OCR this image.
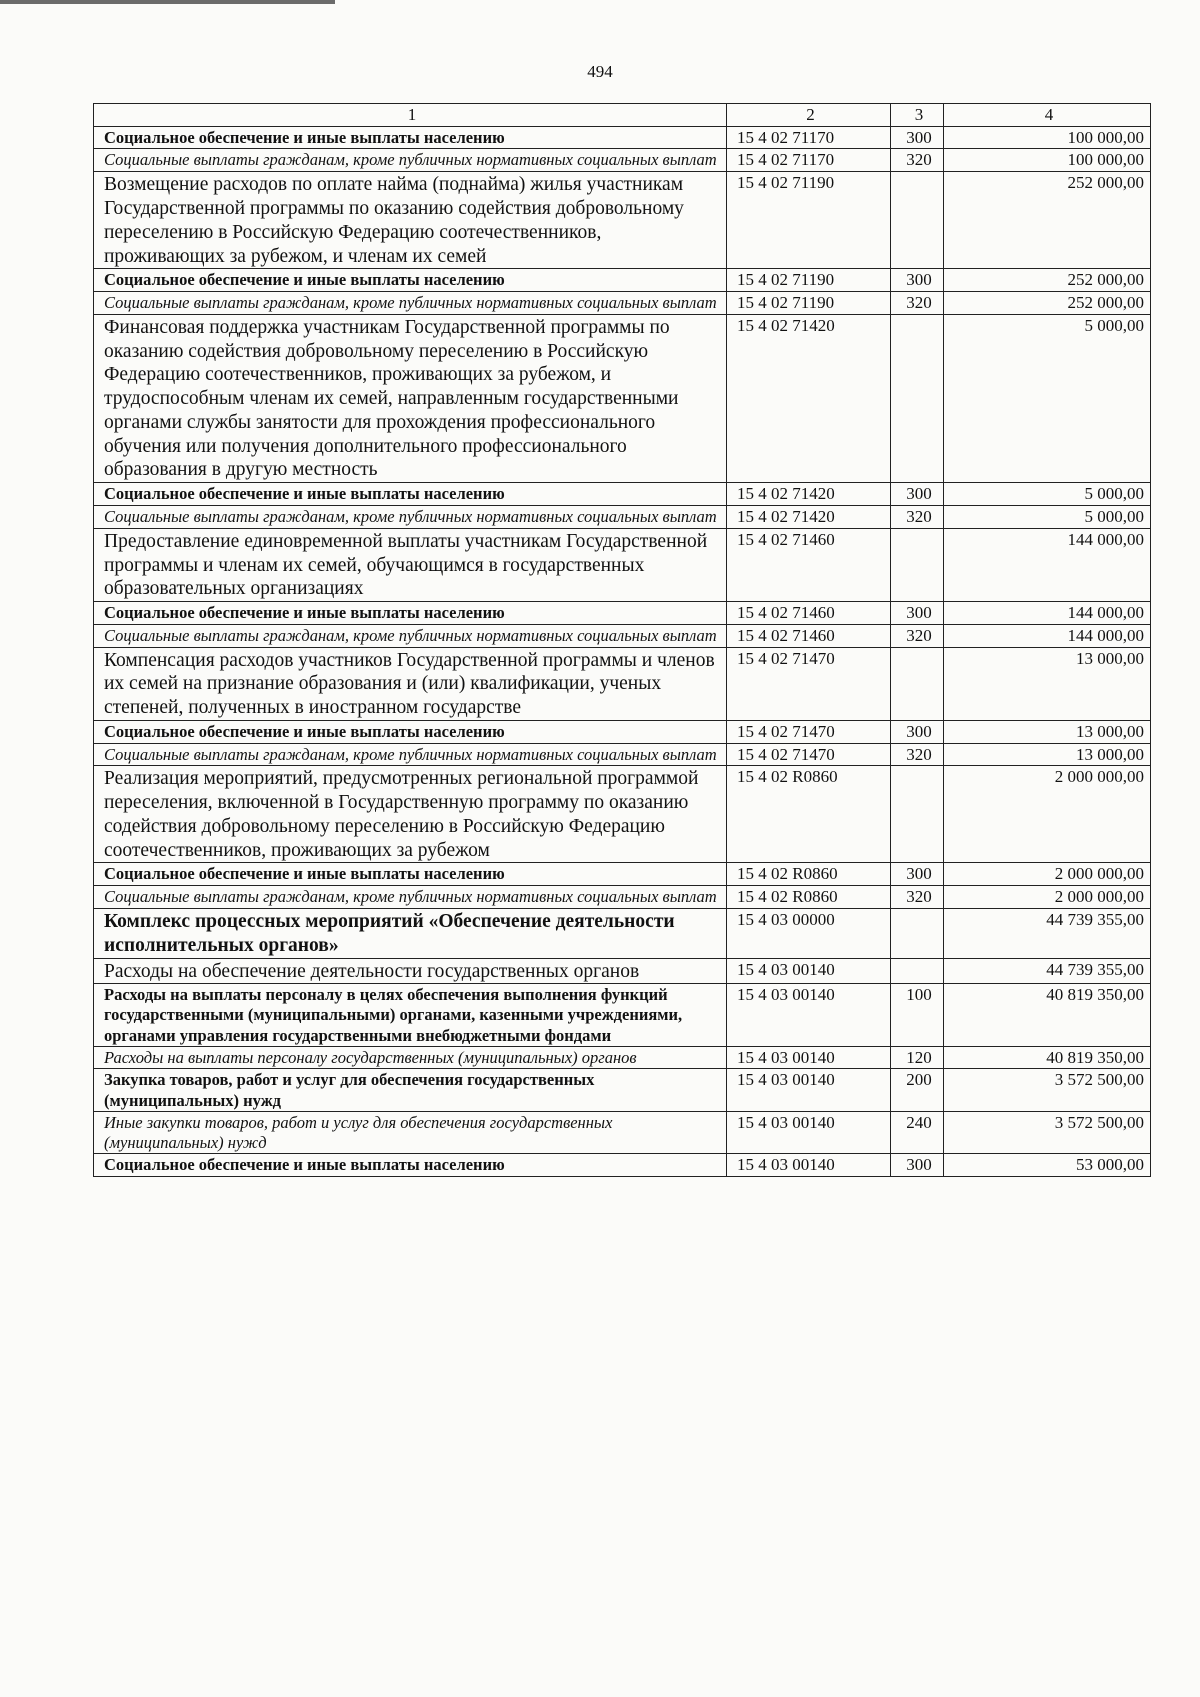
494
1	2	3	4
Социальное обеспечение и иные выплаты населению	15 4 02 71170	300	100 000,00
Социальные выплаты гражданам, кроме публичных нормативных социальных выплат	15 4 02 71170	320	100 000,00
Возмещение расходов по оплате найма (поднайма) жилья участникам Государственной программы по оказанию содействия добровольному переселению в Российскую Федерацию соотечественников, проживающих за рубежом, и членам их семей	15 4 02 71190		252 000,00
Социальное обеспечение и иные выплаты населению	15 4 02 71190	300	252 000,00
Социальные выплаты гражданам, кроме публичных нормативных социальных выплат	15 4 02 71190	320	252 000,00
Финансовая поддержка участникам Государственной программы по оказанию содействия добровольному переселению в Российскую Федерацию соотечественников, проживающих за рубежом, и трудоспособным членам их семей, направленным государственными органами службы занятости для прохождения профессионального обучения или получения дополнительного профессионального образования в другую местность	15 4 02 71420		5 000,00
Социальное обеспечение и иные выплаты населению	15 4 02 71420	300	5 000,00
Социальные выплаты гражданам, кроме публичных нормативных социальных выплат	15 4 02 71420	320	5 000,00
Предоставление единовременной выплаты участникам Государственной программы и членам их семей, обучающимся в государственных образовательных организациях	15 4 02 71460		144 000,00
Социальное обеспечение и иные выплаты населению	15 4 02 71460	300	144 000,00
Социальные выплаты гражданам, кроме публичных нормативных социальных выплат	15 4 02 71460	320	144 000,00
Компенсация расходов участников Государственной программы и членов их семей на признание образования и (или) квалификации, ученых степеней, полученных в иностранном государстве	15 4 02 71470		13 000,00
Социальное обеспечение и иные выплаты населению	15 4 02 71470	300	13 000,00
Социальные выплаты гражданам, кроме публичных нормативных социальных выплат	15 4 02 71470	320	13 000,00
Реализация мероприятий, предусмотренных региональной программой переселения, включенной в Государственную программу по оказанию содействия добровольному переселению в Российскую Федерацию соотечественников, проживающих за рубежом	15 4 02 R0860		2 000 000,00
Социальное обеспечение и иные выплаты населению	15 4 02 R0860	300	2 000 000,00
Социальные выплаты гражданам, кроме публичных нормативных социальных выплат	15 4 02 R0860	320	2 000 000,00
Комплекс процессных мероприятий «Обеспечение деятельности исполнительных органов»	15 4 03 00000		44 739 355,00
Расходы на обеспечение деятельности государственных органов	15 4 03 00140		44 739 355,00
Расходы на выплаты персоналу в целях обеспечения выполнения функций государственными (муниципальными) органами, казенными учреждениями, органами управления государственными внебюджетными фондами	15 4 03 00140	100	40 819 350,00
Расходы на выплаты персоналу государственных (муниципальных) органов	15 4 03 00140	120	40 819 350,00
Закупка товаров, работ и услуг для обеспечения государственных (муниципальных) нужд	15 4 03 00140	200	3 572 500,00
Иные закупки товаров, работ и услуг для обеспечения государственных (муниципальных) нужд	15 4 03 00140	240	3 572 500,00
Социальное обеспечение и иные выплаты населению	15 4 03 00140	300	53 000,00
